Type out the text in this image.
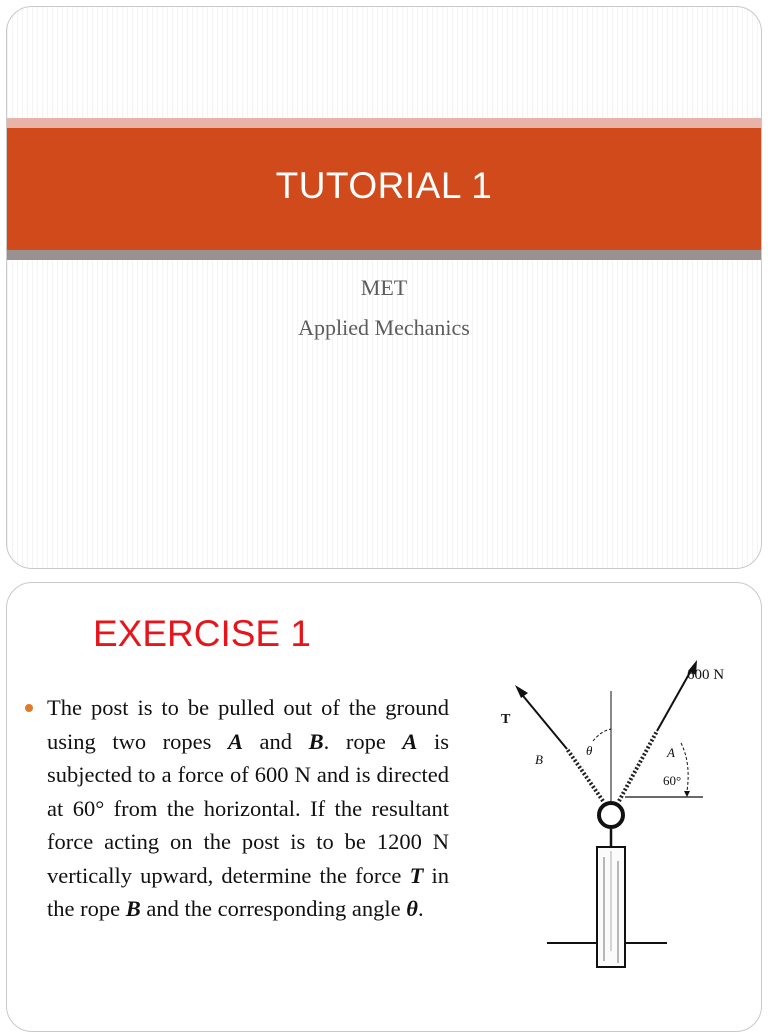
TUTORIAL 1
MET
Applied Mechanics
EXERCISE 1
The post is to be pulled out of the ground using two ropes A and B. rope A is subjected to a force of 600 N and is directed at 60° from the horizontal. If the resultant force acting on the post is to be 1200 N vertically upward, determine the force T in the rope B and the corresponding angle θ.
600 N
T
B
θ	A
60°
